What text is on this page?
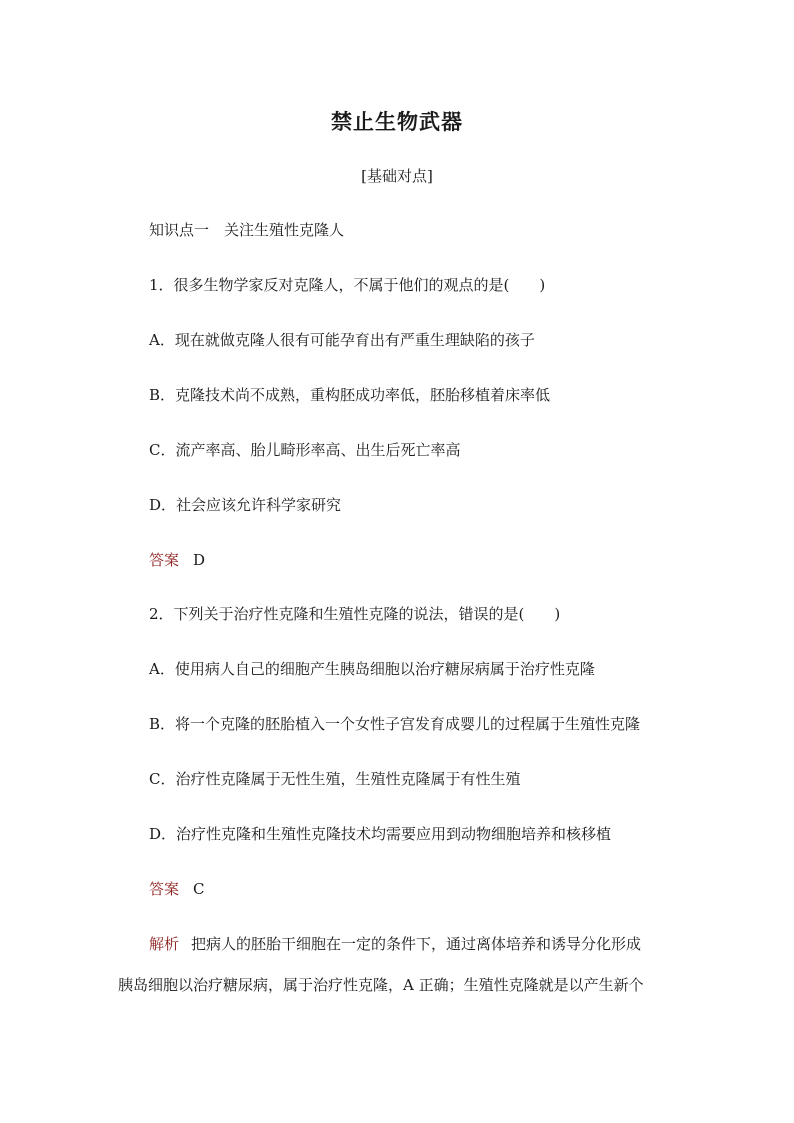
禁止生物武器
[基础对点]
知识点一　关注生殖性克隆人
1．很多生物学家反对克隆人，不属于他们的观点的是(　　)
A．现在就做克隆人很有可能孕育出有严重生理缺陷的孩子
B．克隆技术尚不成熟，重构胚成功率低，胚胎移植着床率低
C．流产率高、胎儿畸形率高、出生后死亡率高
D．社会应该允许科学家研究
答案 D
2．下列关于治疗性克隆和生殖性克隆的说法，错误的是(　　)
A．使用病人自己的细胞产生胰岛细胞以治疗糖尿病属于治疗性克隆
B．将一个克隆的胚胎植入一个女性子宫发育成婴儿的过程属于生殖性克隆
C．治疗性克隆属于无性生殖，生殖性克隆属于有性生殖
D．治疗性克隆和生殖性克隆技术均需要应用到动物细胞培养和核移植
答案 C
解析 把病人的胚胎干细胞在一定的条件下，通过离体培养和诱导分化形成
胰岛细胞以治疗糖尿病，属于治疗性克隆，A 正确；生殖性克隆就是以产生新个
